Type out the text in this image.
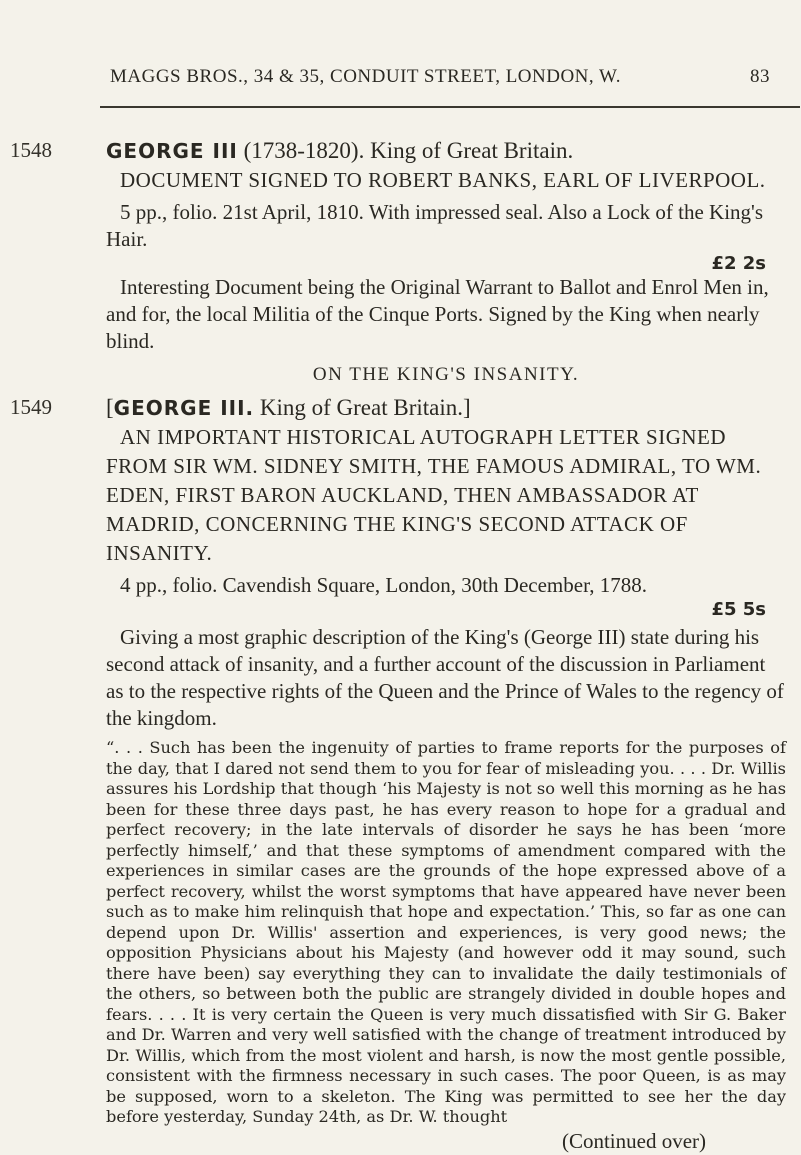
MAGGS BROS., 34 & 35, CONDUIT STREET, LONDON, W.	83
1548	GEORGE III (1738-1820). King of Great Britain.
DOCUMENT SIGNED TO ROBERT BANKS, EARL OF LIVERPOOL.
5 pp., folio. 21st April, 1810. With impressed seal. Also a Lock of the King's Hair.
£2 2s
Interesting Document being the Original Warrant to Ballot and Enrol Men in, and for, the local Militia of the Cinque Ports. Signed by the King when nearly blind.
ON THE KING'S INSANITY.
1549 [GEORGE III. King of Great Britain.]
AN IMPORTANT HISTORICAL AUTOGRAPH LETTER SIGNED FROM SIR WM. SIDNEY SMITH, THE FAMOUS ADMIRAL, TO WM. EDEN, FIRST BARON AUCKLAND, THEN AMBASSADOR AT MADRID, CONCERNING THE KING'S SECOND ATTACK OF INSANITY.
4 pp., folio. Cavendish Square, London, 30th December, 1788.
£5 5s
Giving a most graphic description of the King's (George III) state during his second attack of insanity, and a further account of the discussion in Parliament as to the respective rights of the Queen and the Prince of Wales to the regency of the kingdom.
“. . . Such has been the ingenuity of parties to frame reports for the purposes of the day, that I dared not send them to you for fear of misleading you. . . . Dr. Willis assures his Lordship that though ‘his Majesty is not so well this morning as he has been for these three days past, he has every reason to hope for a gradual and perfect recovery; in the late intervals of disorder he says he has been ‘more perfectly himself,’ and that these symptoms of amendment compared with the experiences in similar cases are the grounds of the hope expressed above of a perfect recovery, whilst the worst symptoms that have appeared have never been such as to make him relinquish that hope and expectation.’ This, so far as one can depend upon Dr. Willis' assertion and experiences, is very good news; the opposition Physicians about his Majesty (and however odd it may sound, such there have been) say everything they can to invalidate the daily testimonials of the others, so between both the public are strangely divided in double hopes and fears. . . . It is very certain the Queen is very much dissatisfied with Sir G. Baker and Dr. Warren and very well satisfied with the change of treatment introduced by Dr. Willis, which from the most violent and harsh, is now the most gentle possible, consistent with the firmness necessary in such cases. The poor Queen, is as may be supposed, worn to a skeleton. The King was permitted to see her the day before yesterday, Sunday 24th, as Dr. W. thought
(Continued over)
